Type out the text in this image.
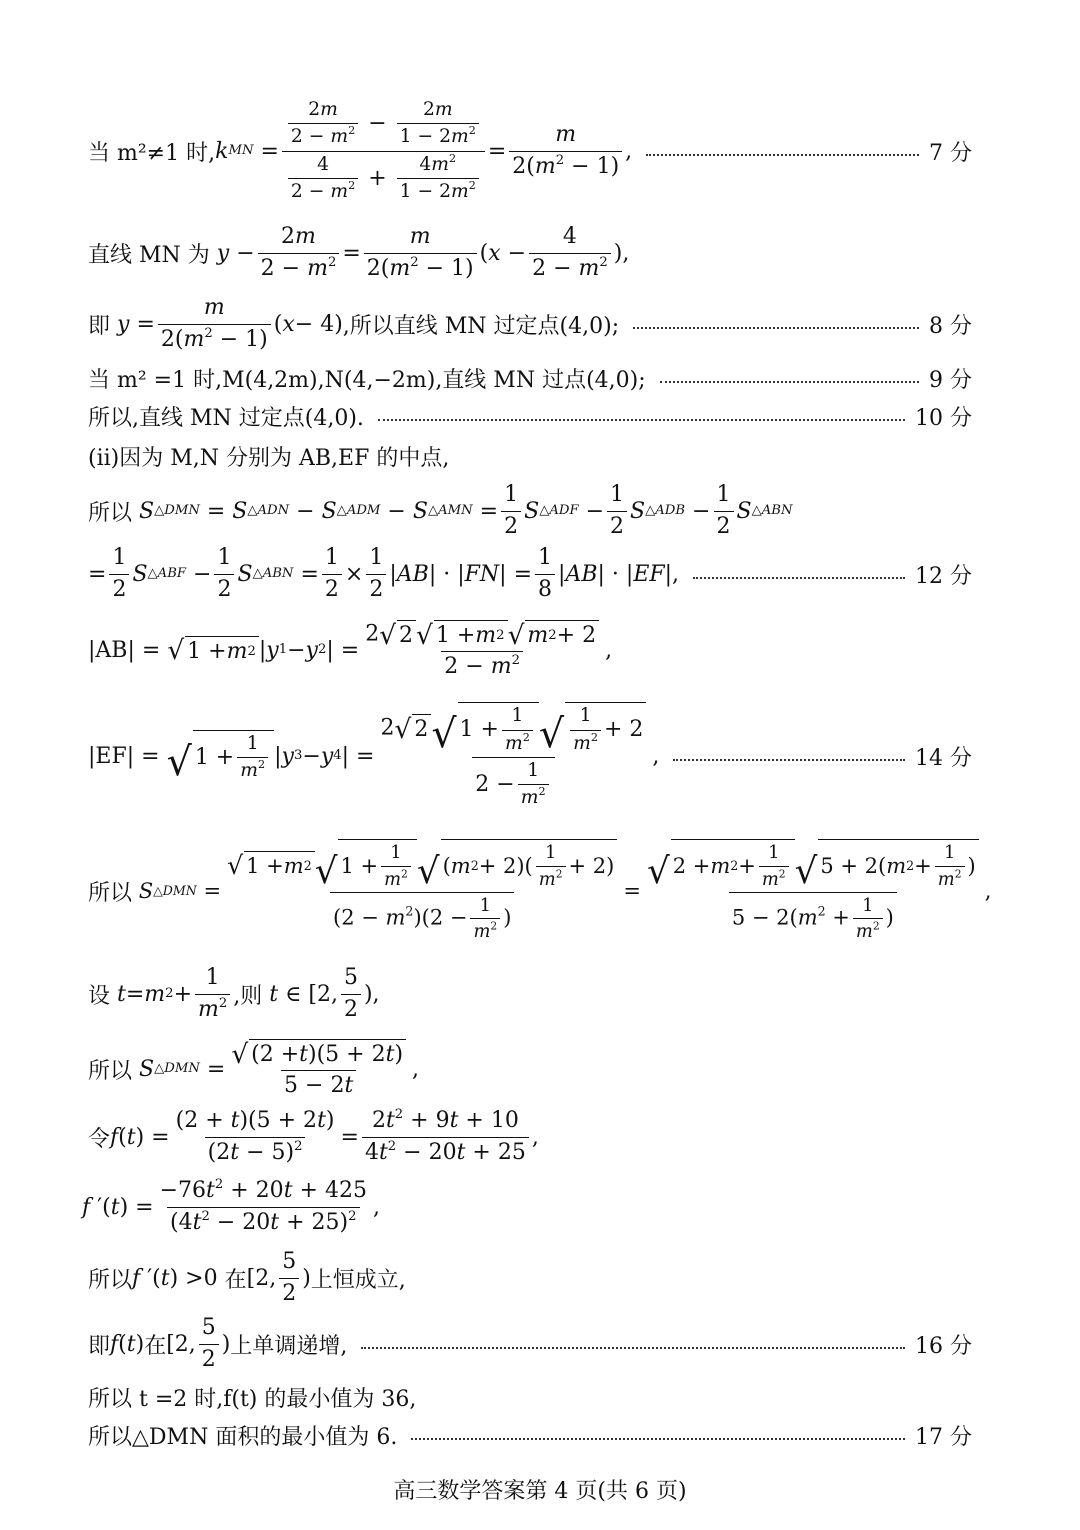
当 m²≠1 时, k MN = $\frac{\frac{2m}{2 - m^2} - \frac{2m}{1 - 2m^2}}{\frac{4}{2 - m^2} + \frac{4m^2}{1 - 2m^2}} = \frac{m}{2(m^2 - 1)}$ ,	7 分
直线 MN 为
$y - \frac{2m}{2 - m^2} = \frac{m}{2(m^2 - 1)}$ ( $x - \frac{4}{2 - m^2}$ ),
即
$y = \frac{m}{2(m^2 - 1)}$ ( x − 4) ,所以直线 MN 过定点(4,0);	8 分
当 m² =1 时,M(4,2m),N(4,−2m),直线 MN 过点(4,0);	9 分
所以,直线 MN 过定点(4,0).	10 分
(ⅱ)因为 M,N 分别为 AB,EF 的中点,
所以
S △DMN = S △ADN − S △ADM − S △AMN = $\frac{1}{2}$ S △ADF − $\frac{1}{2}$ S △ADB − $\frac{1}{2}$ S △ABN
= $\frac{1}{2}$ S △ABF − $\frac{1}{2}$ S △ABN = $\frac{1}{2} \times \frac{1}{2}$ | AB | · | FN | = $\frac{1}{8}$ | AB | · | EF |,	12 分
|AB| =
√ 1 + m 2 | y 1 − y 2 | = $\frac{2 √ 2 √ 1 + m 2 √ m 2 + 2}{2 - m^2}$ ,
|EF| =
√ $1 + \frac{1}{m^2}$ | y 3 − y 4 | = $\frac{2 √ 2 √ 1 + \frac{1}{m^2} √ \frac{1}{m^2} + 2}{2 - \frac{1}{m^2}}$ ,	14 分
所以
S △DMN = $\frac{√ 1 + m 2 √ 1 + \frac{1}{m^2} √ ( m 2 + 2)( \frac{1}{m^2} + 2)}{(2 - m^2)(2 - \frac{1}{m^2} )} = \frac{√ 2 + m 2 + \frac{1}{m^2} √ 5 + 2( m 2 + \frac{1}{m^2} )}{5 - 2(m^2 + \frac{1}{m^2} )}$ ,
设
t = m $2 + \frac{1}{m^2}$ ,则
t ∈ [2, $\frac{5}{2}$ ),
所以
S △DMN = $\frac{√ (2 + t )(5 + 2 t )}{5 - 2t}$ ,
令 f ( t ) = $\frac{(2 + t)(5 + 2t)}{(2t - 5)^2} = \frac{2t^2 + 9t + 10}{4t^2 - 20t + 25}$ ,
f ′( t ) = $\frac{-76t^2 + 20t + 425}{(4t^2 - 20t + 25)^2}$ ,
所以 f ′( t ) >0 在 [2, $\frac{5}{2}$ ) 上恒成立,
即 f ( t ) 在 [2, $\frac{5}{2}$ ) 上单调递增,	16 分
所以 t =2 时,f(t) 的最小值为 36,
所以△DMN 面积的最小值为 6.	17 分
高三数学答案第 4 页(共 6 页)
